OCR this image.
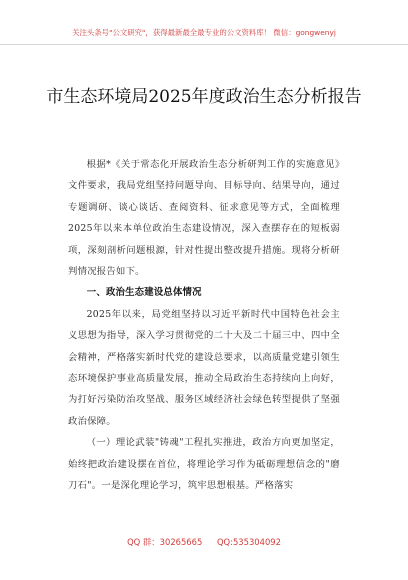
关注头条号"公文研究"，获得最新最全最专业的公文资料库！ 微信：gongwenyj
市生态环境局2025年度政治生态分析报告

根据*《关于常态化开展政治生态分析研判工作的实施意见》文件要求，我局党组坚持问题导向、目标导向、结果导向，通过专题调研、谈心谈话、查阅资料、征求意见等方式，全面梳理2025年以来本单位政治生态建设情况，深入查摆存在的短板弱项，深刻剖析问题根源，针对性提出整改提升措施。现将分析研判情况报告如下。

一、政治生态建设总体情况

2025年以来，局党组坚持以习近平新时代中国特色社会主义思想为指导，深入学习贯彻党的二十大及二十届三中、四中全会精神，严格落实新时代党的建设总要求，以高质量党建引领生态环境保护事业高质量发展，推动全局政治生态持续向上向好，为打好污染防治攻坚战、服务区域经济社会绿色转型提供了坚强政治保障。

（一）理论武装"铸魂"工程扎实推进，政治方向更加坚定，始终把政治建设摆在首位，将理论学习作为砥砺理想信念的"磨刀石"。一是深化理论学习，筑牢思想根基。严格落实

QQ 群：30265665 QQ:535304092
